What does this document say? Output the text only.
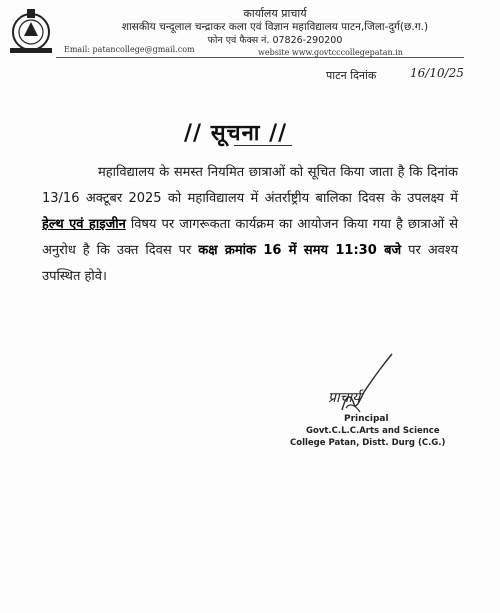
कार्यालय प्राचार्य
शासकीय चन्दूलाल चन्द्राकर कला एवं विज्ञान महाविद्यालय पाटन,जिला-दुर्ग(छ.ग.)
फोन एवं फैक्स नं. 07826-290200
Email: patancollege@gmail.com	website www.govtcccollegepatan.in
पाटन दिनांक	16/10/25
// सूचना //
महाविद्यालय के समस्त नियमित छात्राओं को सूचित किया जाता है कि दिनांक 13/16 अक्टूबर 2025 को महाविद्यालय में अंतर्राष्ट्रीय बालिका दिवस के उपलक्ष्य में हेल्थ एवं हाइजीन विषय पर जागरूकता कार्यक्रम का आयोजन किया गया है छात्राओं से अनुरोध है कि उक्त दिवस पर कक्ष क्रमांक 16 में समय 11:30 बजे पर अवश्य उपस्थित होवे।
प्राचार्य
Principal
Govt.C.L.C.Arts and Science
College Patan, Distt. Durg (C.G.)
